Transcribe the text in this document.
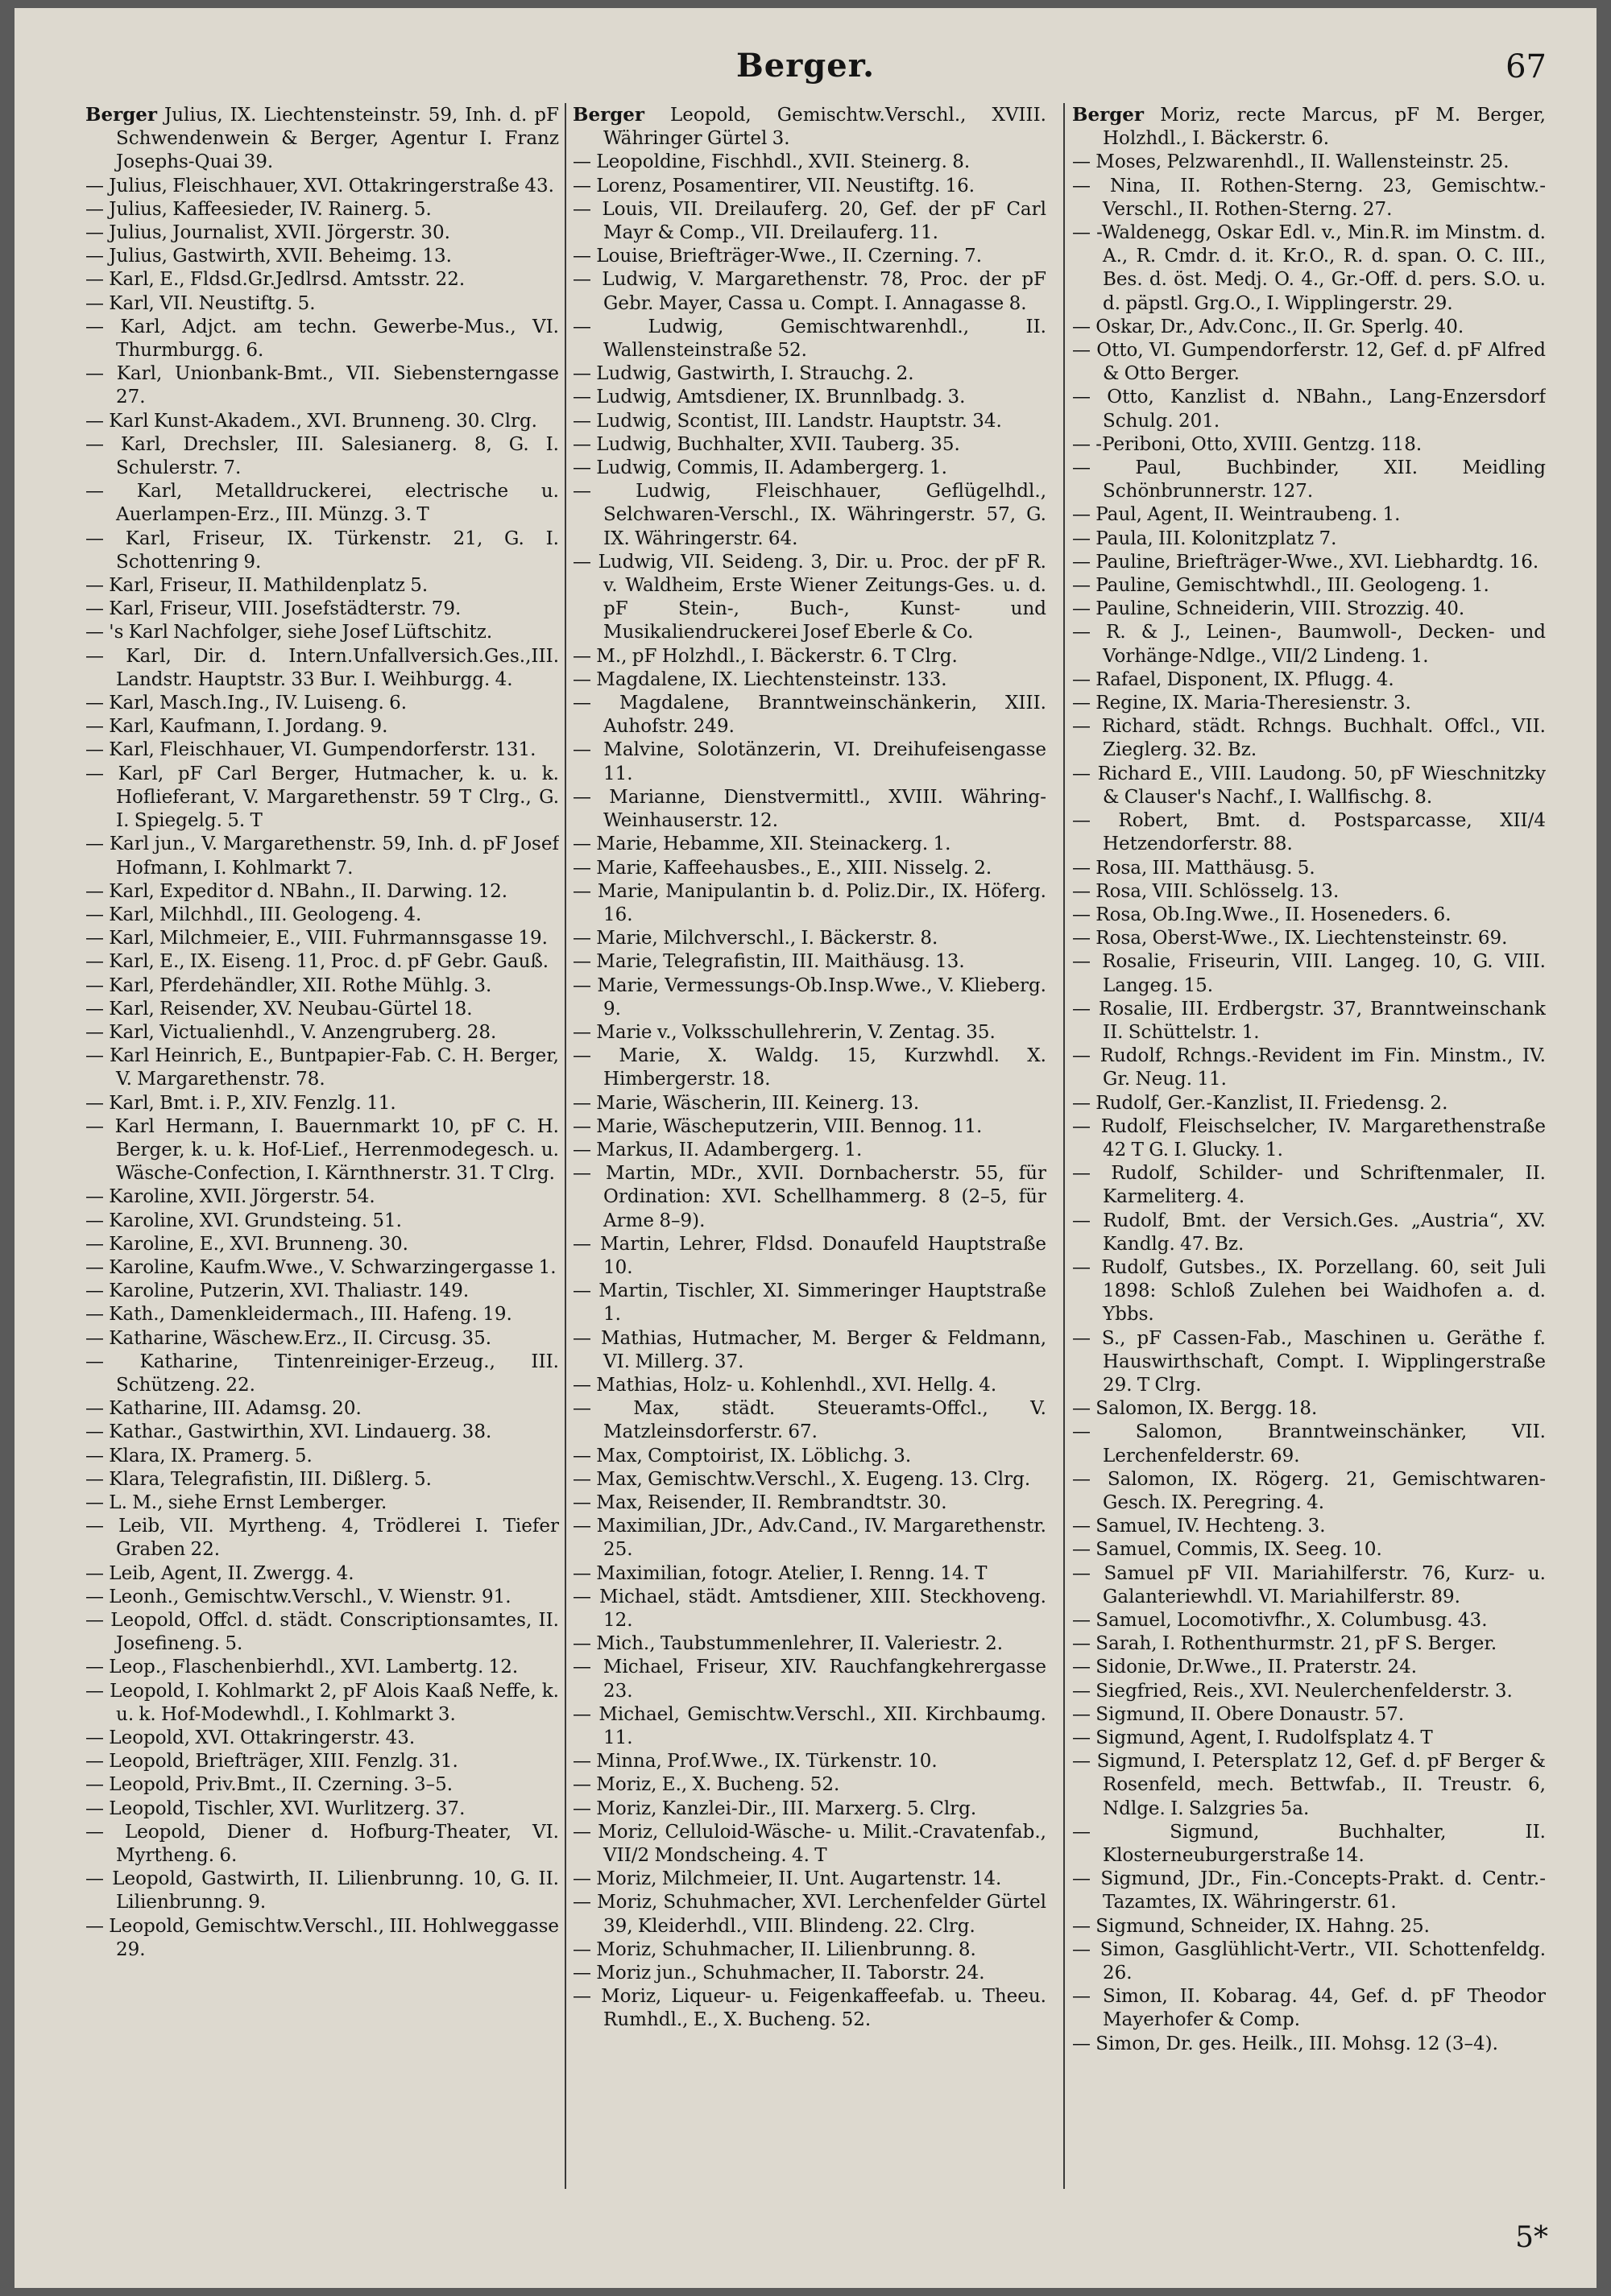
Berger.	67
Berger Julius, IX. Liechtensteinstr. 59, Inh. d. pF Schwendenwein & Berger, Agentur I. Franz Josephs-Quai 39.
— Julius, Fleischhauer, XVI. Ottakringerstraße 43.
— Julius, Kaffeesieder, IV. Rainerg. 5.
— Julius, Journalist, XVII. Jörgerstr. 30.
— Julius, Gastwirth, XVII. Beheimg. 13.
— Karl, E., Fldsd.Gr.Jedlrsd. Amtsstr. 22.
— Karl, VII. Neustiftg. 5.
— Karl, Adjct. am techn. Gewerbe-Mus., VI. Thurmburgg. 6.
— Karl, Unionbank-Bmt., VII. Siebensterngasse 27.
— Karl Kunst-Akadem., XVI. Brunneng. 30. Clrg.
— Karl, Drechsler, III. Salesianerg. 8, G. I. Schulerstr. 7.
— Karl, Metalldruckerei, electrische u. Auerlampen-Erz., III. Münzg. 3. T
— Karl, Friseur, IX. Türkenstr. 21, G. I. Schottenring 9.
— Karl, Friseur, II. Mathildenplatz 5.
— Karl, Friseur, VIII. Josefstädterstr. 79.
— 's Karl Nachfolger, siehe Josef Lüftschitz.
— Karl, Dir. d. Intern.Unfallversich.Ges.,III. Landstr. Hauptstr. 33 Bur. I. Weihburgg. 4.
— Karl, Masch.Ing., IV. Luiseng. 6.
— Karl, Kaufmann, I. Jordang. 9.
— Karl, Fleischhauer, VI. Gumpendorferstr. 131.
— Karl, pF Carl Berger, Hutmacher, k. u. k. Hoflieferant, V. Margarethenstr. 59 T Clrg., G. I. Spiegelg. 5. T
— Karl jun., V. Margarethenstr. 59, Inh. d. pF Josef Hofmann, I. Kohlmarkt 7.
— Karl, Expeditor d. NBahn., II. Darwing. 12.
— Karl, Milchhdl., III. Geologeng. 4.
— Karl, Milchmeier, E., VIII. Fuhrmannsgasse 19.
— Karl, E., IX. Eiseng. 11, Proc. d. pF Gebr. Gauß.
— Karl, Pferdehändler, XII. Rothe Mühlg. 3.
— Karl, Reisender, XV. Neubau-Gürtel 18.
— Karl, Victualienhdl., V. Anzengruberg. 28.
— Karl Heinrich, E., Buntpapier-Fab. C. H. Berger, V. Margarethenstr. 78.
— Karl, Bmt. i. P., XIV. Fenzlg. 11.
— Karl Hermann, I. Bauernmarkt 10, pF C. H. Berger, k. u. k. Hof-Lief., Herrenmodegesch. u. Wäsche-Confection, I. Kärnthnerstr. 31. T Clrg.
— Karoline, XVII. Jörgerstr. 54.
— Karoline, XVI. Grundsteing. 51.
— Karoline, E., XVI. Brunneng. 30.
— Karoline, Kaufm.Wwe., V. Schwarzingergasse 1.
— Karoline, Putzerin, XVI. Thaliastr. 149.
— Kath., Damenkleidermach., III. Hafeng. 19.
— Katharine, Wäschew.Erz., II. Circusg. 35.
— Katharine, Tintenreiniger-Erzeug., III. Schützeng. 22.
— Katharine, III. Adamsg. 20.
— Kathar., Gastwirthin, XVI. Lindauerg. 38.
— Klara, IX. Pramerg. 5.
— Klara, Telegrafistin, III. Dißlerg. 5.
— L. M., siehe Ernst Lemberger.
— Leib, VII. Myrtheng. 4, Trödlerei I. Tiefer Graben 22.
— Leib, Agent, II. Zwergg. 4.
— Leonh., Gemischtw.Verschl., V. Wienstr. 91.
— Leopold, Offcl. d. städt. Conscriptionsamtes, II. Josefineng. 5.
— Leop., Flaschenbierhdl., XVI. Lambertg. 12.
— Leopold, I. Kohlmarkt 2, pF Alois Kaaß Neffe, k. u. k. Hof-Modewhdl., I. Kohlmarkt 3.
— Leopold, XVI. Ottakringerstr. 43.
— Leopold, Briefträger, XIII. Fenzlg. 31.
— Leopold, Priv.Bmt., II. Czerning. 3–5.
— Leopold, Tischler, XVI. Wurlitzerg. 37.
— Leopold, Diener d. Hofburg-Theater, VI. Myrtheng. 6.
— Leopold, Gastwirth, II. Lilienbrunng. 10, G. II. Lilienbrunng. 9.
— Leopold, Gemischtw.Verschl., III. Hohlweggasse 29.
Berger Leopold, Gemischtw.Verschl., XVIII. Währinger Gürtel 3.
— Leopoldine, Fischhdl., XVII. Steinerg. 8.
— Lorenz, Posamentirer, VII. Neustiftg. 16.
— Louis, VII. Dreilauferg. 20, Gef. der pF Carl Mayr & Comp., VII. Dreilauferg. 11.
— Louise, Briefträger-Wwe., II. Czerning. 7.
— Ludwig, V. Margarethenstr. 78, Proc. der pF Gebr. Mayer, Cassa u. Compt. I. Annagasse 8.
— Ludwig, Gemischtwarenhdl., II. Wallensteinstraße 52.
— Ludwig, Gastwirth, I. Strauchg. 2.
— Ludwig, Amtsdiener, IX. Brunnlbadg. 3.
— Ludwig, Scontist, III. Landstr. Hauptstr. 34.
— Ludwig, Buchhalter, XVII. Tauberg. 35.
— Ludwig, Commis, II. Adambergerg. 1.
— Ludwig, Fleischhauer, Geflügelhdl., Selchwaren-Verschl., IX. Währingerstr. 57, G. IX. Währingerstr. 64.
— Ludwig, VII. Seideng. 3, Dir. u. Proc. der pF R. v. Waldheim, Erste Wiener Zeitungs-Ges. u. d. pF Stein-, Buch-, Kunst- und Musikaliendruckerei Josef Eberle & Co.
— M., pF Holzhdl., I. Bäckerstr. 6. T Clrg.
— Magdalene, IX. Liechtensteinstr. 133.
— Magdalene, Branntweinschänkerin, XIII. Auhofstr. 249.
— Malvine, Solotänzerin, VI. Dreihufeisengasse 11.
— Marianne, Dienstvermittl., XVIII. Währing-Weinhauserstr. 12.
— Marie, Hebamme, XII. Steinackerg. 1.
— Marie, Kaffeehausbes., E., XIII. Nisselg. 2.
— Marie, Manipulantin b. d. Poliz.Dir., IX. Höferg. 16.
— Marie, Milchverschl., I. Bäckerstr. 8.
— Marie, Telegrafistin, III. Maithäusg. 13.
— Marie, Vermessungs-Ob.Insp.Wwe., V. Klieberg. 9.
— Marie v., Volksschullehrerin, V. Zentag. 35.
— Marie, X. Waldg. 15, Kurzwhdl. X. Himbergerstr. 18.
— Marie, Wäscherin, III. Keinerg. 13.
— Marie, Wäscheputzerin, VIII. Bennog. 11.
— Markus, II. Adambergerg. 1.
— Martin, MDr., XVII. Dornbacherstr. 55, für Ordination: XVI. Schellhammerg. 8 (2–5, für Arme 8–9).
— Martin, Lehrer, Fldsd. Donaufeld Hauptstraße 10.
— Martin, Tischler, XI. Simmeringer Hauptstraße 1.
— Mathias, Hutmacher, M. Berger & Feldmann, VI. Millerg. 37.
— Mathias, Holz- u. Kohlenhdl., XVI. Hellg. 4.
— Max, städt. Steueramts-Offcl., V. Matzleinsdorferstr. 67.
— Max, Comptoirist, IX. Löblichg. 3.
— Max, Gemischtw.Verschl., X. Eugeng. 13. Clrg.
— Max, Reisender, II. Rembrandtstr. 30.
— Maximilian, JDr., Adv.Cand., IV. Margarethenstr. 25.
— Maximilian, fotogr. Atelier, I. Renng. 14. T
— Michael, städt. Amtsdiener, XIII. Steckhoveng. 12.
— Mich., Taubstummenlehrer, II. Valeriestr. 2.
— Michael, Friseur, XIV. Rauchfangkehrergasse 23.
— Michael, Gemischtw.Verschl., XII. Kirchbaumg. 11.
— Minna, Prof.Wwe., IX. Türkenstr. 10.
— Moriz, E., X. Bucheng. 52.
— Moriz, Kanzlei-Dir., III. Marxerg. 5. Clrg.
— Moriz, Celluloid-Wäsche- u. Milit.-Cravatenfab., VII/2 Mondscheing. 4. T
— Moriz, Milchmeier, II. Unt. Augartenstr. 14.
— Moriz, Schuhmacher, XVI. Lerchenfelder Gürtel 39, Kleiderhdl., VIII. Blindeng. 22. Clrg.
— Moriz, Schuhmacher, II. Lilienbrunng. 8.
— Moriz jun., Schuhmacher, II. Taborstr. 24.
— Moriz, Liqueur- u. Feigenkaffeefab. u. Theeu. Rumhdl., E., X. Bucheng. 52.
Berger Moriz, recte Marcus, pF M. Berger, Holzhdl., I. Bäckerstr. 6.
— Moses, Pelzwarenhdl., II. Wallensteinstr. 25.
— Nina, II. Rothen-Sterng. 23, Gemischtw.-Verschl., II. Rothen-Sterng. 27.
— -Waldenegg, Oskar Edl. v., Min.R. im Minstm. d. A., R. Cmdr. d. it. Kr.O., R. d. span. O. C. III., Bes. d. öst. Medj. O. 4., Gr.-Off. d. pers. S.O. u. d. päpstl. Grg.O., I. Wipplingerstr. 29.
— Oskar, Dr., Adv.Conc., II. Gr. Sperlg. 40.
— Otto, VI. Gumpendorferstr. 12, Gef. d. pF Alfred & Otto Berger.
— Otto, Kanzlist d. NBahn., Lang-Enzersdorf Schulg. 201.
— -Periboni, Otto, XVIII. Gentzg. 118.
— Paul, Buchbinder, XII. Meidling Schönbrunnerstr. 127.
— Paul, Agent, II. Weintraubeng. 1.
— Paula, III. Kolonitzplatz 7.
— Pauline, Briefträger-Wwe., XVI. Liebhardtg. 16.
— Pauline, Gemischtwhdl., III. Geologeng. 1.
— Pauline, Schneiderin, VIII. Strozzig. 40.
— R. & J., Leinen-, Baumwoll-, Decken- und Vorhänge-Ndlge., VII/2 Lindeng. 1.
— Rafael, Disponent, IX. Pflugg. 4.
— Regine, IX. Maria-Theresienstr. 3.
— Richard, städt. Rchngs. Buchhalt. Offcl., VII. Zieglerg. 32. Bz.
— Richard E., VIII. Laudong. 50, pF Wieschnitzky & Clauser's Nachf., I. Wallfischg. 8.
— Robert, Bmt. d. Postsparcasse, XII/4 Hetzendorferstr. 88.
— Rosa, III. Matthäusg. 5.
— Rosa, VIII. Schlösselg. 13.
— Rosa, Ob.Ing.Wwe., II. Hoseneders. 6.
— Rosa, Oberst-Wwe., IX. Liechtensteinstr. 69.
— Rosalie, Friseurin, VIII. Langeg. 10, G. VIII. Langeg. 15.
— Rosalie, III. Erdbergstr. 37, Branntweinschank II. Schüttelstr. 1.
— Rudolf, Rchngs.-Revident im Fin. Minstm., IV. Gr. Neug. 11.
— Rudolf, Ger.-Kanzlist, II. Friedensg. 2.
— Rudolf, Fleischselcher, IV. Margarethenstraße 42 T G. I. Glucky. 1.
— Rudolf, Schilder- und Schriftenmaler, II. Karmeliterg. 4.
— Rudolf, Bmt. der Versich.Ges. „Austria“, XV. Kandlg. 47. Bz.
— Rudolf, Gutsbes., IX. Porzellang. 60, seit Juli 1898: Schloß Zulehen bei Waidhofen a. d. Ybbs.
— S., pF Cassen-Fab., Maschinen u. Geräthe f. Hauswirthschaft, Compt. I. Wipplingerstraße 29. T Clrg.
— Salomon, IX. Bergg. 18.
— Salomon, Branntweinschänker, VII. Lerchenfelderstr. 69.
— Salomon, IX. Rögerg. 21, Gemischtwaren-Gesch. IX. Peregring. 4.
— Samuel, IV. Hechteng. 3.
— Samuel, Commis, IX. Seeg. 10.
— Samuel pF VII. Mariahilferstr. 76, Kurz- u. Galanteriewhdl. VI. Mariahilferstr. 89.
— Samuel, Locomotivfhr., X. Columbusg. 43.
— Sarah, I. Rothenthurmstr. 21, pF S. Berger.
— Sidonie, Dr.Wwe., II. Praterstr. 24.
— Siegfried, Reis., XVI. Neulerchenfelderstr. 3.
— Sigmund, II. Obere Donaustr. 57.
— Sigmund, Agent, I. Rudolfsplatz 4. T
— Sigmund, I. Petersplatz 12, Gef. d. pF Berger & Rosenfeld, mech. Bettwfab., II. Treustr. 6, Ndlge. I. Salzgries 5a.
— Sigmund, Buchhalter, II. Klosterneuburgerstraße 14.
— Sigmund, JDr., Fin.-Concepts-Prakt. d. Centr.-Tazamtes, IX. Währingerstr. 61.
— Sigmund, Schneider, IX. Hahng. 25.
— Simon, Gasglühlicht-Vertr., VII. Schottenfeldg. 26.
— Simon, II. Kobarag. 44, Gef. d. pF Theodor Mayerhofer & Comp.
— Simon, Dr. ges. Heilk., III. Mohsg. 12 (3–4).
5*
